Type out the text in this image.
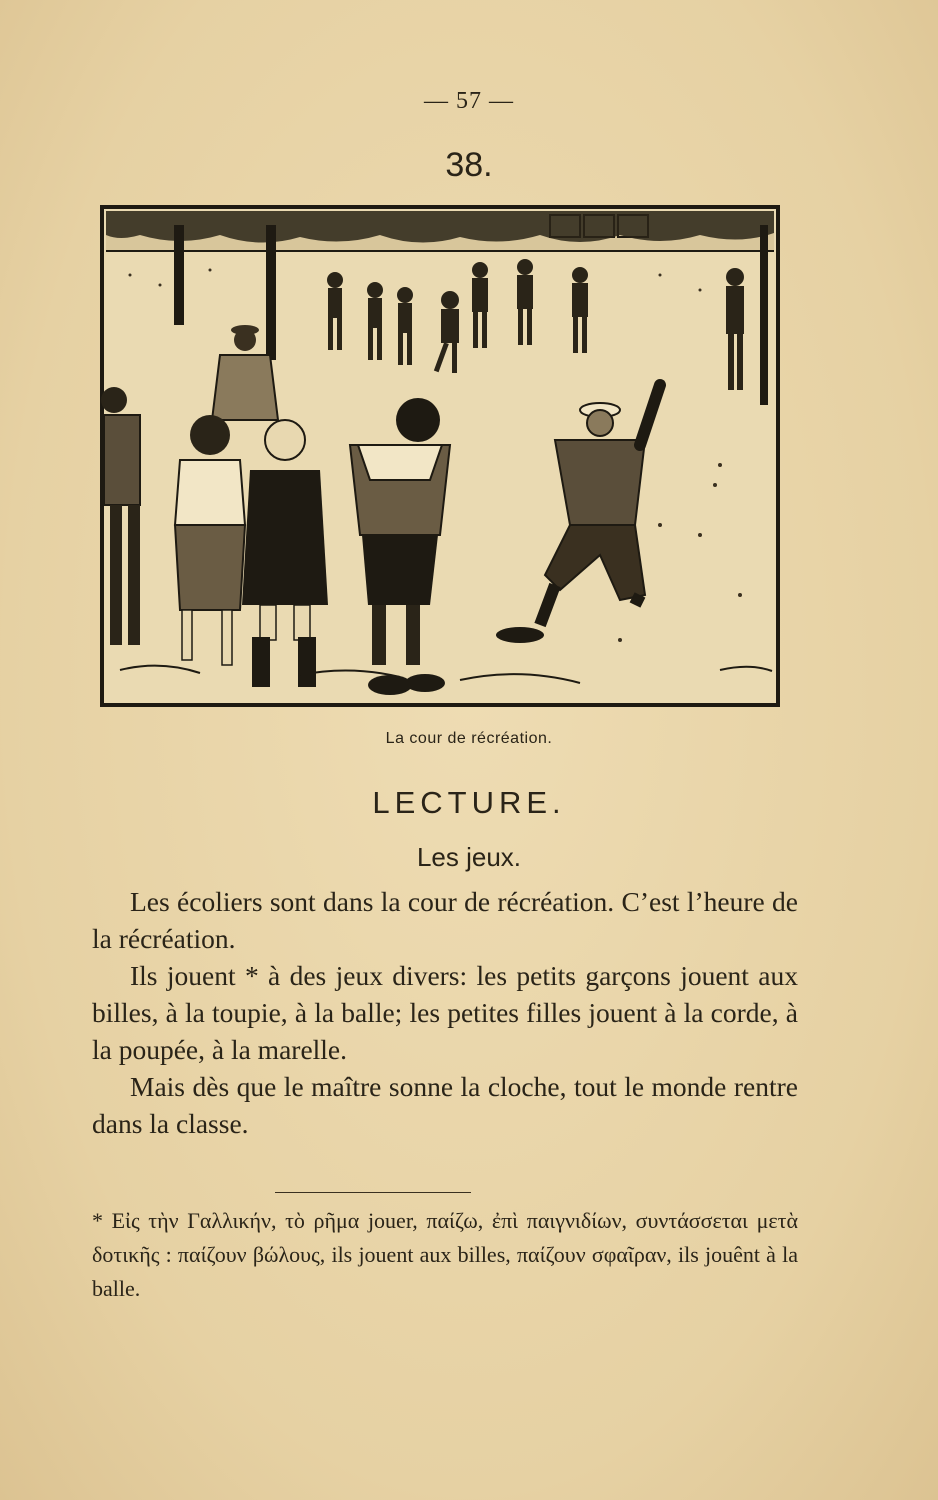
— 57 —
38.
La cour de récréation.
LECTURE.
Les jeux.

Les écoliers sont dans la cour de récréation. C’est l’heure de la récréation.

Ils jouent * à des jeux divers: les petits garçons jouent aux billes, à la toupie, à la balle; les petites filles jouent à la corde, à la poupée, à la marelle.

Mais dès que le maître sonne la cloche, tout le monde rentre dans la classe.

* Εἰς τὴν Γαλλικήν, τὸ ρῆμα jouer, παίζω, ἐπὶ παιγνιδίων, συντάσσεται μετὰ δοτικῆς : παίζουν βώλους, ils jouent aux billes, παίζουν σφαῖραν, ils jouênt à la balle.
